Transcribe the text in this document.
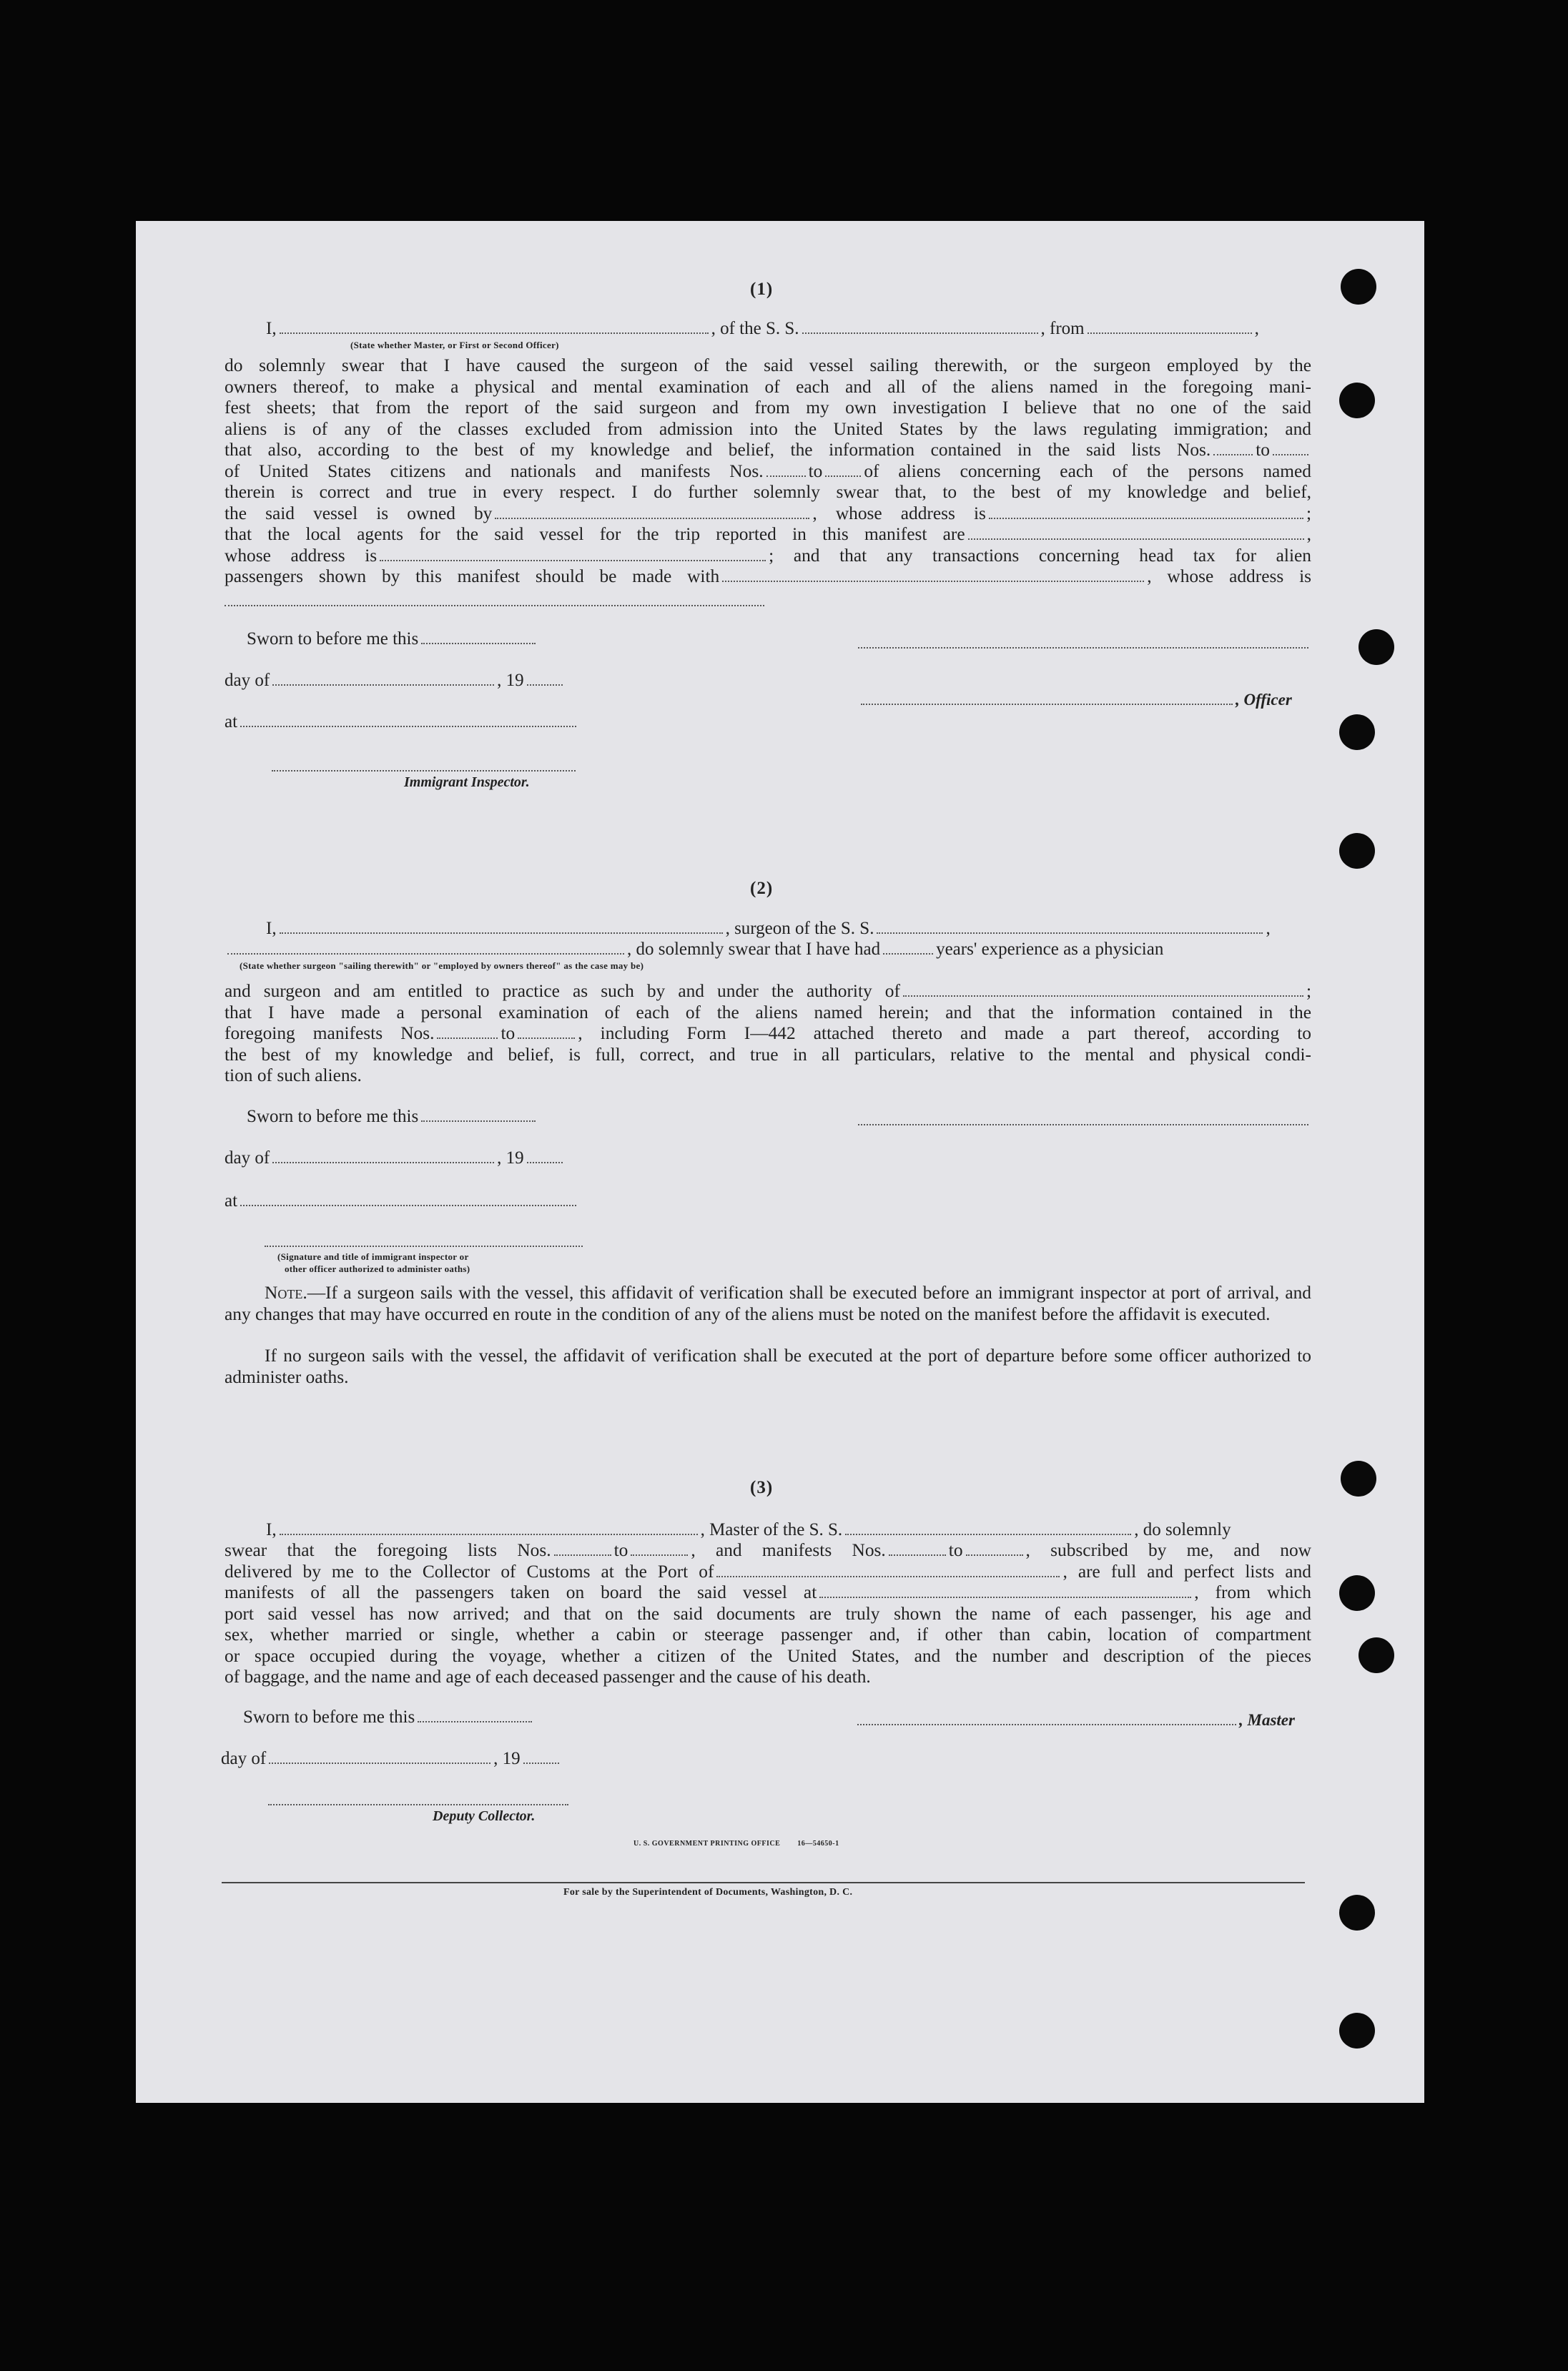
(1)
I,	, of the S. S.	, from	,
(State whether Master, or First or Second Officer)
do solemnly swear that I have caused the surgeon of the said vessel sailing therewith, or the surgeon employed by the
owners thereof, to make a physical and mental examination of each and all of the aliens named in the foregoing mani-
fest sheets; that from the report of the said surgeon and from my own investigation I believe that no one of the said
aliens is of any of the classes excluded from admission into the United States by the laws regulating immigration; and
that also, according to the best of my knowledge and belief, the information contained in the said lists Nos. to
of United States citizens and nationals and manifests Nos. to of aliens concerning each of the persons named
therein is correct and true in every respect. I do further solemnly swear that, to the best of my knowledge and belief,
the said vessel is owned by	, whose address is	;
that the local agents for the said vessel for the trip reported in this manifest are	,
whose address is	; and that any transactions concerning head tax for alien
passengers shown by this manifest should be made with	, whose address is
Sworn to before me this
day of	, 19
, Officer
at
Immigrant Inspector.
(2)
I,	, surgeon of the S. S.	,
, do solemnly swear that I have had	years' experience as a physician
(State whether surgeon "sailing therewith" or "employed by owners thereof" as the case may be)
and surgeon and am entitled to practice as such by and under the authority of	;
that I have made a personal examination of each of the aliens named herein; and that the information contained in the
foregoing manifests Nos.	to	, including Form I—442 attached thereto and made a part thereof, according to
the best of my knowledge and belief, is full, correct, and true in all particulars, relative to the mental and physical condi-
tion of such aliens.
Sworn to before me this
day of	, 19
at
(Signature and title of immigrant inspector or
other officer authorized to administer oaths)
Note.—If a surgeon sails with the vessel, this affidavit of verification shall be executed before an immigrant inspector at port of arrival, and any changes that may have occurred en route in the condition of any of the aliens must be noted on the manifest before the affidavit is executed.
If no surgeon sails with the vessel, the affidavit of verification shall be executed at the port of departure before some officer authorized to administer oaths.
(3)
I,	, Master of the S. S.	, do solemnly
swear that the foregoing lists Nos.	to	, and manifests Nos.	to	, subscribed by me, and now
delivered by me to the Collector of Customs at the Port of	, are full and perfect lists and
manifests of all the passengers taken on board the said vessel at	, from which
port said vessel has now arrived; and that on the said documents are truly shown the name of each passenger, his age and
sex, whether married or single, whether a cabin or steerage passenger and, if other than cabin, location of compartment
or space occupied during the voyage, whether a citizen of the United States, and the number and description of the pieces
of baggage, and the name and age of each deceased passenger and the cause of his death.
Sworn to before me this	, Master
day of	, 19
Deputy Collector.
U. S. GOVERNMENT PRINTING OFFICE        16—54650-1
For sale by the Superintendent of Documents, Washington, D. C.
